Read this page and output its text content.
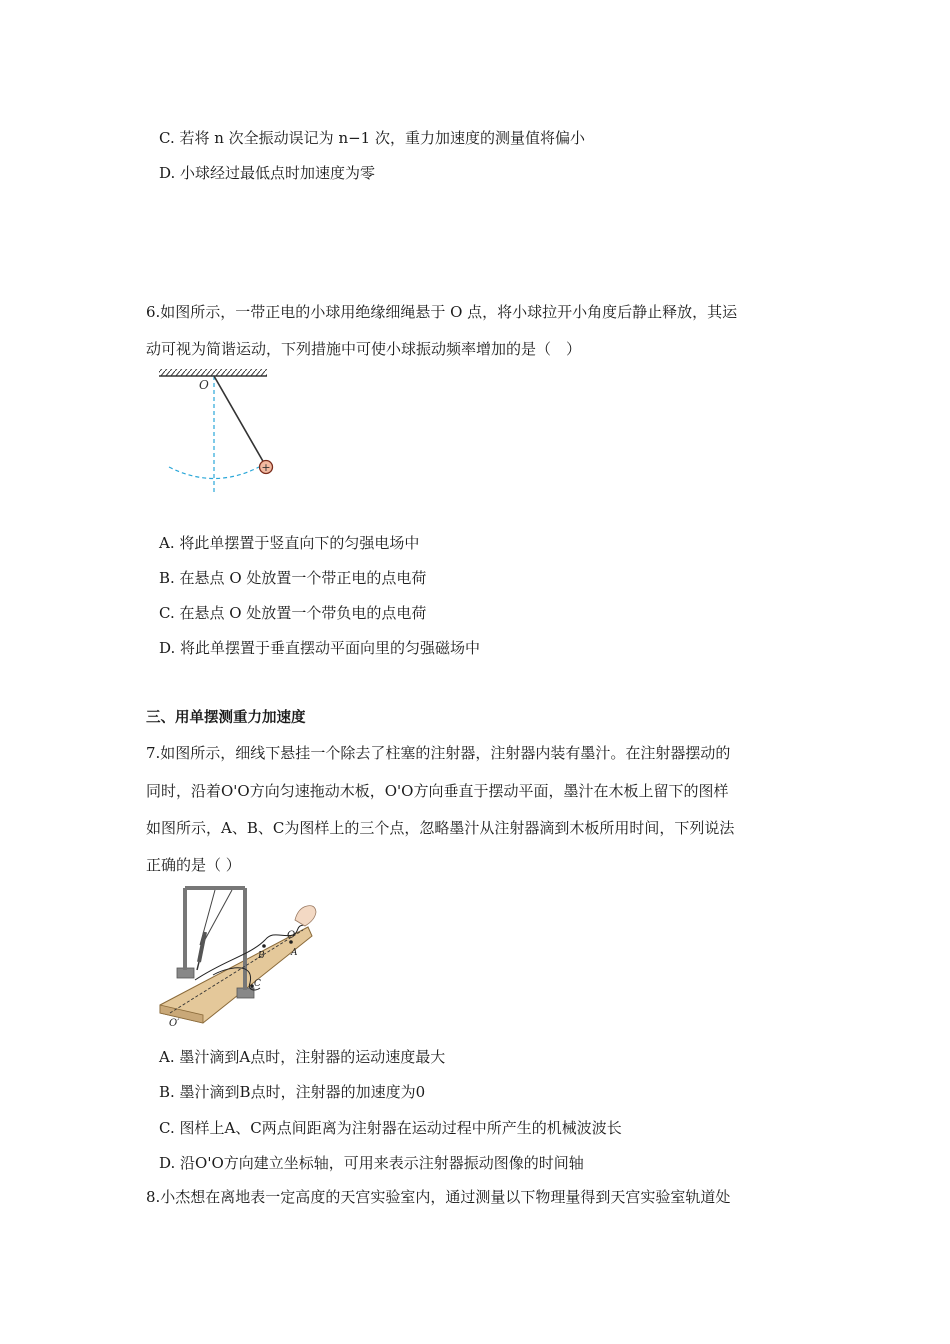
C. 若将 n 次全振动误记为 n−1 次，重力加速度的测量值将偏小
D. 小球经过最低点时加速度为零
6.如图所示，一带正电的小球用绝缘细绳悬于 O 点，将小球拉开小角度后静止释放，其运
动可视为简谐运动，下列措施中可使小球振动频率增加的是（　）
+
O
A. 将此单摆置于竖直向下的匀强电场中
B. 在悬点 O 处放置一个带正电的点电荷
C. 在悬点 O 处放置一个带负电的点电荷
D. 将此单摆置于垂直摆动平面向里的匀强磁场中
三、用单摆测重力加速度
7.如图所示，细线下悬挂一个除去了柱塞的注射器，注射器内装有墨汁。在注射器摆动的
同时，沿着O'O方向匀速拖动木板，O'O方向垂直于摆动平面，墨汁在木板上留下的图样
如图所示，A、B、C为图样上的三个点，忽略墨汁从注射器滴到木板所用时间，下列说法
正确的是（ ）
O
A
B
C
O′
A. 墨汁滴到A点时，注射器的运动速度最大
B. 墨汁滴到B点时，注射器的加速度为0
C. 图样上A、C两点间距离为注射器在运动过程中所产生的机械波波长
D. 沿O'O方向建立坐标轴，可用来表示注射器振动图像的时间轴
8.小杰想在离地表一定高度的天宫实验室内，通过测量以下物理量得到天宫实验室轨道处
